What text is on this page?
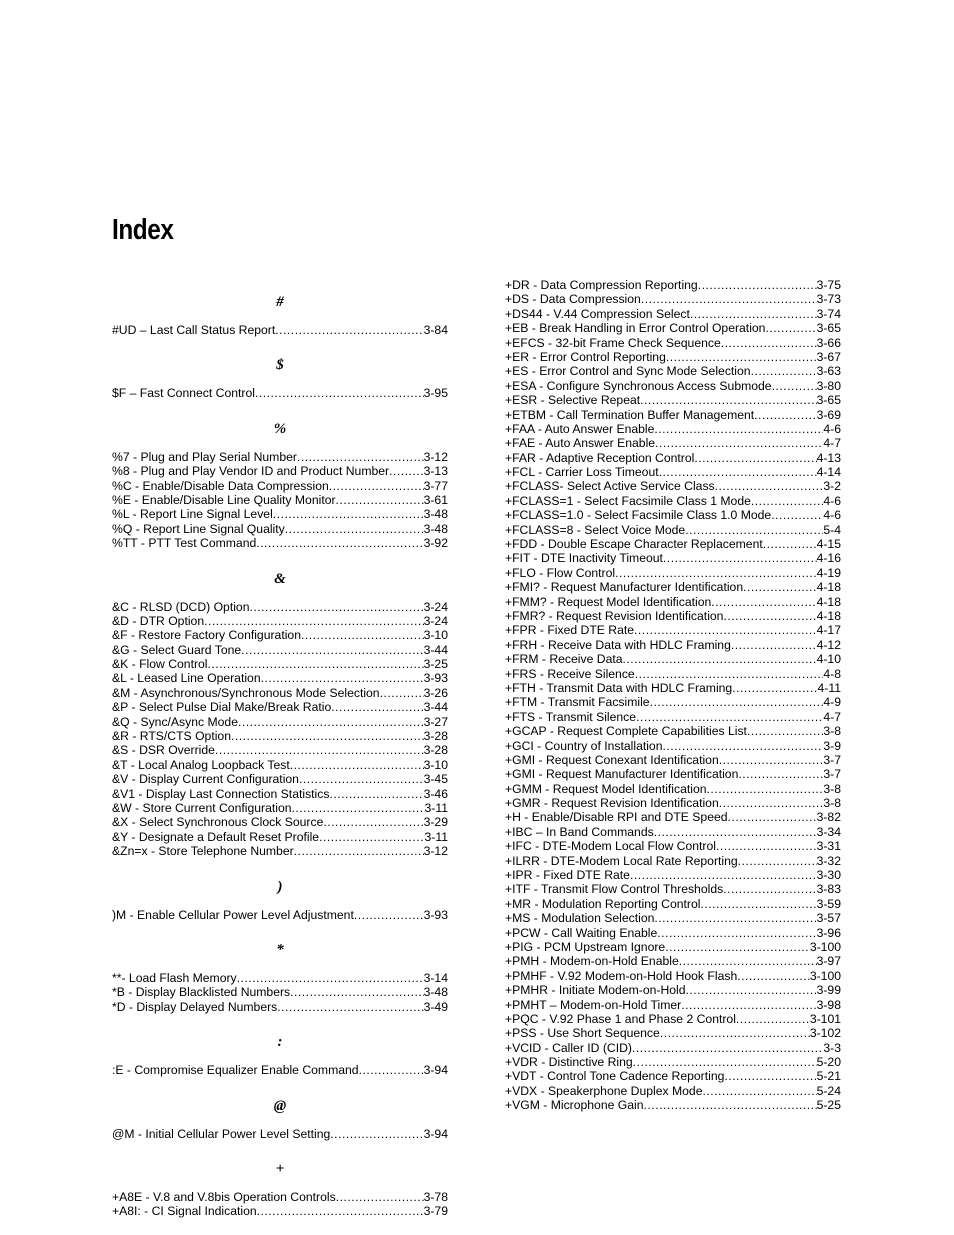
Index
#
#UD – Last Call Status Report .....	3-84
$
$F – Fast Connect Control .....	3-95
%
%7 - Plug and Play Serial Number .....	3-12
%8 - Plug and Play Vendor ID and Product Number .....	3-13
%C - Enable/Disable Data Compression .....	3-77
%E - Enable/Disable Line Quality Monitor .....	3-61
%L - Report Line Signal Level .....	3-48
%Q - Report Line Signal Quality .....	3-48
%TT - PTT Test Command .....	3-92
&
&C - RLSD (DCD) Option .....	3-24
&D - DTR Option .....	3-24
&F - Restore Factory Configuration .....	3-10
&G - Select Guard Tone .....	3-44
&K - Flow Control .....	3-25
&L - Leased Line Operation .....	3-93
&M - Asynchronous/Synchronous Mode Selection .....	3-26
&P - Select Pulse Dial Make/Break Ratio .....	3-44
&Q - Sync/Async Mode .....	3-27
&R - RTS/CTS Option .....	3-28
&S - DSR Override .....	3-28
&T - Local Analog Loopback Test .....	3-10
&V - Display Current Configuration .....	3-45
&V1 - Display Last Connection Statistics .....	3-46
&W - Store Current Configuration .....	3-11
&X - Select Synchronous Clock Source .....	3-29
&Y - Designate a Default Reset Profile .....	3-11
&Zn=x - Store Telephone Number .....	3-12
)
)M - Enable Cellular Power Level Adjustment .....	3-93
*
**- Load Flash Memory .....	3-14
*B - Display Blacklisted Numbers .....	3-48
*D - Display Delayed Numbers .....	3-49
:
:E - Compromise Equalizer Enable Command .....	3-94
@
@M - Initial Cellular Power Level Setting .....	3-94
+
+A8E - V.8 and V.8bis Operation Controls .....	3-78
+A8I: - CI Signal Indication .....	3-79
+DR - Data Compression Reporting .....	3-75
+DS - Data Compression .....	3-73
+DS44 - V.44 Compression Select .....	3-74
+EB - Break Handling in Error Control Operation .....	3-65
+EFCS - 32-bit Frame Check Sequence .....	3-66
+ER - Error Control Reporting .....	3-67
+ES - Error Control and Sync Mode Selection .....	3-63
+ESA - Configure Synchronous Access Submode .....	3-80
+ESR - Selective Repeat .....	3-65
+ETBM - Call Termination Buffer Management .....	3-69
+FAA - Auto Answer Enable .....	4-6
+FAE - Auto Answer Enable .....	4-7
+FAR - Adaptive Reception Control .....	4-13
+FCL - Carrier Loss Timeout .....	4-14
+FCLASS- Select Active Service Class .....	3-2
+FCLASS=1 - Select Facsimile Class 1 Mode .....	4-6
+FCLASS=1.0 - Select Facsimile Class 1.0 Mode .....	4-6
+FCLASS=8 - Select Voice Mode .....	5-4
+FDD - Double Escape Character Replacement .....	4-15
+FIT - DTE Inactivity Timeout .....	4-16
+FLO - Flow Control .....	4-19
+FMI? - Request Manufacturer Identification .....	4-18
+FMM? - Request Model Identification .....	4-18
+FMR? - Request Revision Identification .....	4-18
+FPR - Fixed DTE Rate .....	4-17
+FRH - Receive Data with HDLC Framing .....	4-12
+FRM - Receive Data .....	4-10
+FRS - Receive Silence .....	4-8
+FTH - Transmit Data with HDLC Framing .....	4-11
+FTM - Transmit Facsimile .....	4-9
+FTS - Transmit Silence .....	4-7
+GCAP - Request Complete Capabilities List .....	3-8
+GCI - Country of Installation .....	3-9
+GMI - Request Conexant Identification .....	3-7
+GMI - Request Manufacturer Identification .....	3-7
+GMM - Request Model Identification .....	3-8
+GMR - Request Revision Identification .....	3-8
+H - Enable/Disable RPI and DTE Speed .....	3-82
+IBC – In Band Commands .....	3-34
+IFC - DTE-Modem Local Flow Control .....	3-31
+ILRR - DTE-Modem Local Rate Reporting .....	3-32
+IPR - Fixed DTE Rate .....	3-30
+ITF - Transmit Flow Control Thresholds .....	3-83
+MR - Modulation Reporting Control .....	3-59
+MS - Modulation Selection .....	3-57
+PCW - Call Waiting Enable .....	3-96
+PIG - PCM Upstream Ignore .....	3-100
+PMH - Modem-on-Hold Enable .....	3-97
+PMHF - V.92 Modem-on-Hold Hook Flash .....	3-100
+PMHR - Initiate Modem-on-Hold .....	3-99
+PMHT – Modem-on-Hold Timer .....	3-98
+PQC - V.92 Phase 1 and Phase 2 Control .....	3-101
+PSS - Use Short Sequence .....	3-102
+VCID - Caller ID (CID) .....	3-3
+VDR - Distinctive Ring .....	5-20
+VDT - Control Tone Cadence Reporting .....	5-21
+VDX - Speakerphone Duplex Mode .....	5-24
+VGM - Microphone Gain .....	5-25
